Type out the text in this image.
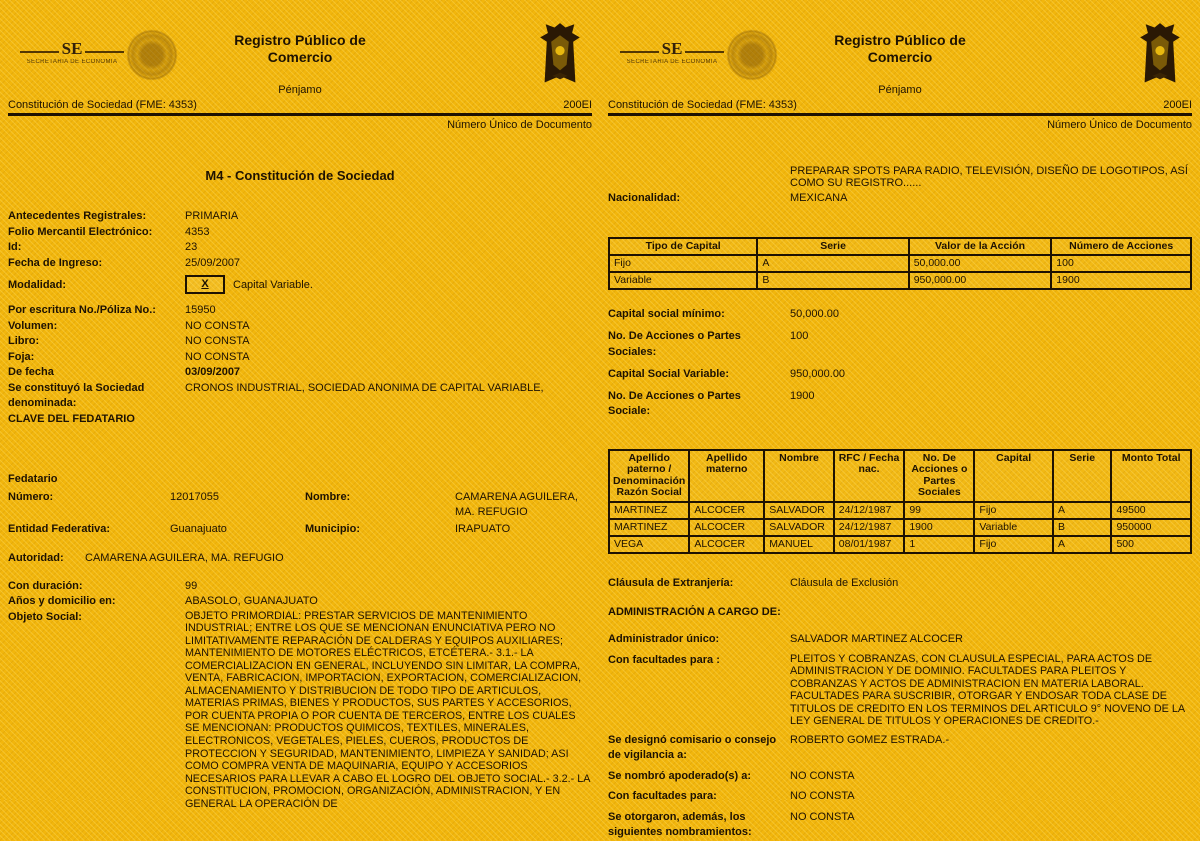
SE
SECRETARÍA DE ECONOMÍA
Registro Público de Comercio
Pénjamo
Constitución de Sociedad (FME: 4353)	200EI
Número Único de Documento
M4 - Constitución de Sociedad
Antecedentes Registrales:	PRIMARIA
Folio Mercantil Electrónico:	4353
Id:	23
Fecha de Ingreso:	25/09/2007
Modalidad:	X	Capital Variable.
Por escritura No./Póliza No.:	15950
Volumen:	NO CONSTA
Libro:	NO CONSTA
Foja:	NO CONSTA
De fecha	03/09/2007
Se constituyó la Sociedad denominada:
CRONOS INDUSTRIAL, SOCIEDAD ANONIMA DE CAPITAL VARIABLE,
CLAVE DEL FEDATARIO
Fedatario
Número:	12017055	Nombre:	CAMARENA AGUILERA, MA. REFUGIO
Entidad Federativa:	Guanajuato	Municipio:	IRAPUATO
Autoridad:	CAMARENA AGUILERA, MA. REFUGIO
Con duración:	99
Años y domicilio en:	ABASOLO, GUANAJUATO
Objeto Social:	OBJETO PRIMORDIAL: PRESTAR SERVICIOS DE MANTENIMIENTO INDUSTRIAL; ENTRE LOS QUE SE MENCIONAN ENUNCIATIVA PERO NO LIMITATIVAMENTE REPARACIÓN DE CALDERAS Y EQUIPOS AUXILIARES; MANTENIMIENTO DE MOTORES ELÉCTRICOS, ETCÉTERA.- 3.1.- LA COMERCIALIZACION EN GENERAL, INCLUYENDO SIN LIMITAR, LA COMPRA, VENTA, FABRICACION, IMPORTACION, EXPORTACION, COMERCIALIZACION, ALMACENAMIENTO Y DISTRIBUCION DE TODO TIPO DE ARTICULOS, MATERIAS PRIMAS, BIENES Y PRODUCTOS, SUS PARTES Y ACCESORIOS, POR CUENTA PROPIA O POR CUENTA DE TERCEROS, ENTRE LOS CUALES SE MENCIONAN: PRODUCTOS QUIMICOS, TEXTILES, MINERALES, ELECTRONICOS, VEGETALES, PIELES, CUEROS, PRODUCTOS DE PROTECCION Y SEGURIDAD, MANTENIMIENTO, LIMPIEZA Y SANIDAD; ASI COMO COMPRA VENTA DE MAQUINARIA, EQUIPO Y ACCESORIOS NECESARIOS PARA LLEVAR A CABO EL LOGRO DEL OBJETO SOCIAL.- 3.2.- LA CONSTITUCION, PROMOCION, ORGANIZACIÓN, ADMINISTRACION, Y EN GENERAL LA OPERACIÓN DE
SE
SECRETARÍA DE ECONOMÍA
Registro Público de Comercio
Pénjamo
Constitución de Sociedad (FME: 4353)	200EI
Número Único de Documento
PREPARAR SPOTS PARA RADIO, TELEVISIÓN, DISEÑO DE LOGOTIPOS, ASÍ COMO SU REGISTRO......
Nacionalidad:	MEXICANA
Tipo de Capital	Serie	Valor de la Acción	Número de Acciones
Fijo	A	50,000.00	100
Variable	B	950,000.00	1900
Capital social mínimo:	50,000.00
No. De Acciones o Partes Sociales:
100
Capital Social Variable:	950,000.00
No. De Acciones o Partes Sociale:
1900
Apellido paterno / Denominación Razón Social	Apellido materno	Nombre	RFC / Fecha nac.	No. De Acciones o Partes Sociales	Capital	Serie	Monto Total
MARTINEZ	ALCOCER	SALVADOR	24/12/1987	99	Fijo	A	49500
MARTINEZ	ALCOCER	SALVADOR	24/12/1987	1900	Variable	B	950000
VEGA	ALCOCER	MANUEL	08/01/1987	1	Fijo	A	500
Cláusula de Extranjería:	Cláusula de Exclusión
ADMINISTRACIÓN A CARGO DE:
Administrador único:	SALVADOR MARTINEZ ALCOCER
Con facultades para :	PLEITOS Y COBRANZAS, CON CLAUSULA ESPECIAL, PARA ACTOS DE ADMINISTRACION Y DE DOMINIO. FACULTADES PARA PLEITOS Y COBRANZAS Y ACTOS DE ADMINISTRACION EN MATERIA LABORAL. FACULTADES PARA SUSCRIBIR, OTORGAR Y ENDOSAR TODA CLASE DE TITULOS DE CREDITO EN LOS TERMINOS DEL ARTICULO 9° NOVENO DE LA LEY GENERAL DE TITULOS Y OPERACIONES DE CREDITO.-
Se designó comisario o consejo de vigilancia a:
ROBERTO GOMEZ ESTRADA.-
Se nombró apoderado(s) a:	NO CONSTA
Con facultades para:	NO CONSTA
Se otorgaron, además, los siguientes nombramientos:
NO CONSTA
